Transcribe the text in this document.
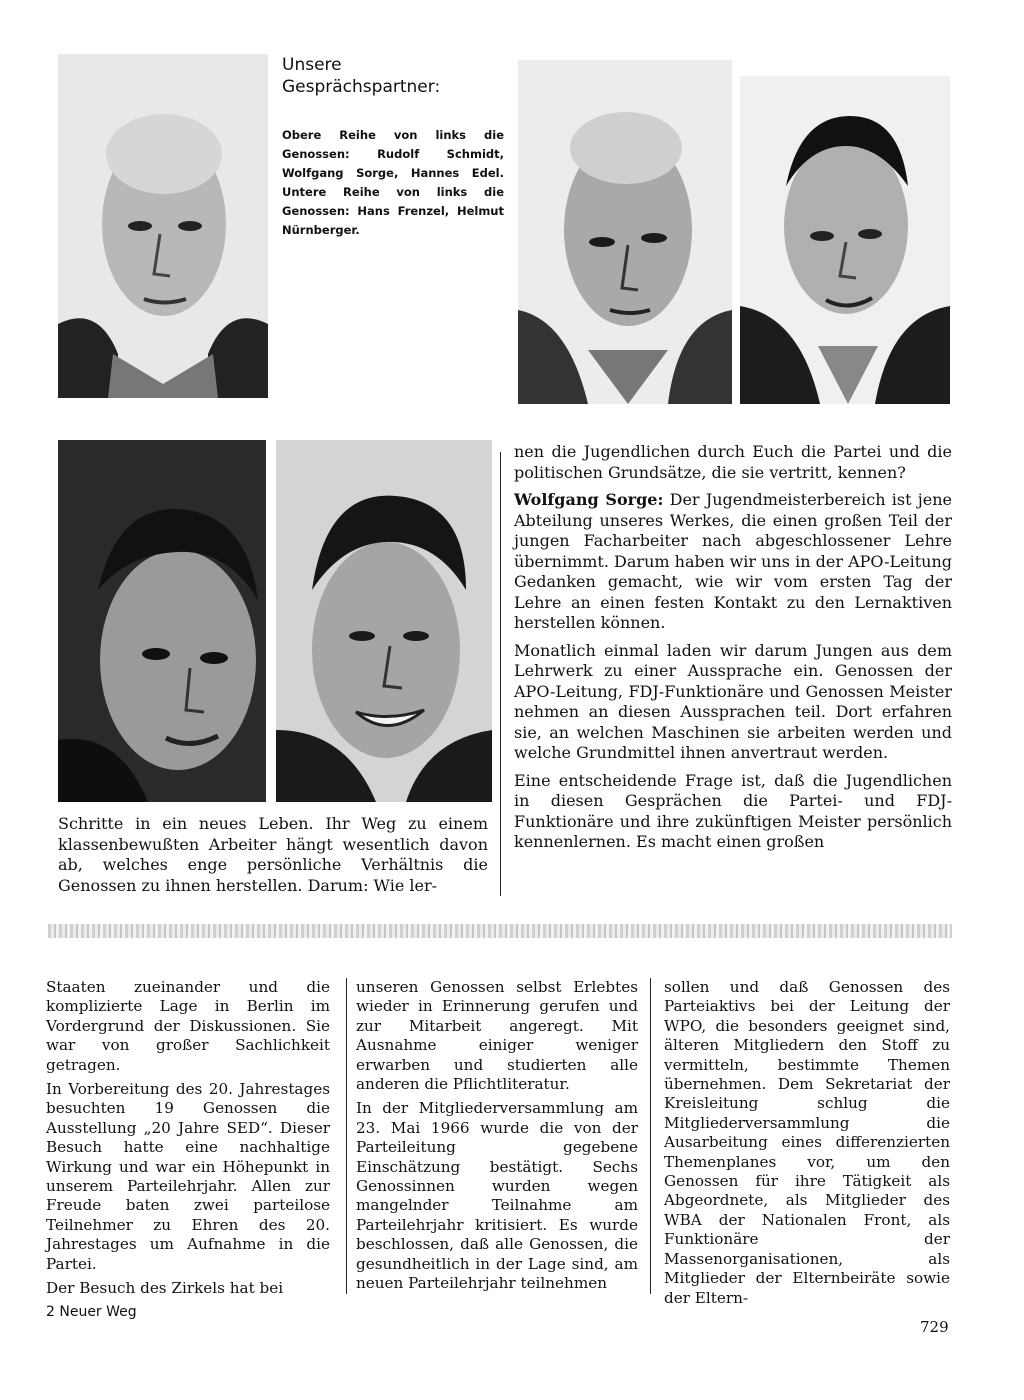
Unsere Gesprächspartner:
Obere Reihe von links die Genossen: Rudolf Schmidt, Wolfgang Sorge, Hannes Edel. Untere Reihe von links die Genossen: Hans Frenzel, Helmut Nürnberger.

Schritte in ein neues Leben. Ihr Weg zu einem klassenbewußten Arbeiter hängt wesentlich davon ab, welches enge persönliche Verhältnis die Genossen zu ihnen herstellen. Darum: Wie ler-

nen die Jugendlichen durch Euch die Partei und die politischen Grundsätze, die sie vertritt, kennen?

Wolfgang Sorge: Der Jugendmeisterbereich ist jene Abteilung unseres Werkes, die einen großen Teil der jungen Facharbeiter nach abgeschlossener Lehre übernimmt. Darum haben wir uns in der APO-Leitung Gedanken gemacht, wie wir vom ersten Tag der Lehre an einen festen Kontakt zu den Lernaktiven herstellen können.

Monatlich einmal laden wir darum Jungen aus dem Lehrwerk zu einer Aussprache ein. Genossen der APO-Leitung, FDJ-Funktionäre und Genossen Meister nehmen an diesen Aussprachen teil. Dort erfahren sie, an welchen Maschinen sie arbeiten werden und welche Grundmittel ihnen anvertraut werden.

Eine entscheidende Frage ist, daß die Jugendlichen in diesen Gesprächen die Partei- und FDJ-Funktionäre und ihre zukünftigen Meister persönlich kennenlernen. Es macht einen großen

Staaten zueinander und die komplizierte Lage in Berlin im Vordergrund der Diskussionen. Sie war von großer Sachlichkeit getragen.

In Vorbereitung des 20. Jahrestages besuchten 19 Genossen die Ausstellung „20 Jahre SED“. Dieser Besuch hatte eine nachhaltige Wirkung und war ein Höhepunkt in unserem Parteilehrjahr. Allen zur Freude baten zwei parteilose Teilnehmer zu Ehren des 20. Jahrestages um Aufnahme in die Partei.

Der Besuch des Zirkels hat bei

unseren Genossen selbst Erlebtes wieder in Erinnerung gerufen und zur Mitarbeit angeregt. Mit Ausnahme einiger weniger erwarben und studierten alle anderen die Pflichtliteratur.

In der Mitgliederversammlung am 23. Mai 1966 wurde die von der Parteileitung gegebene Einschätzung bestätigt. Sechs Genossinnen wurden wegen mangelnder Teilnahme am Parteilehrjahr kritisiert. Es wurde beschlossen, daß alle Genossen, die gesundheitlich in der Lage sind, am neuen Parteilehrjahr teilnehmen

sollen und daß Genossen des Parteiaktivs bei der Leitung der WPO, die besonders geeignet sind, älteren Mitgliedern den Stoff zu vermitteln, bestimmte Themen übernehmen. Dem Sekretariat der Kreisleitung schlug die Mitgliederversammlung die Ausarbeitung eines differenzierten Themenplanes vor, um den Genossen für ihre Tätigkeit als Abgeordnete, als Mitglieder des WBA der Nationalen Front, als Funktionäre der Massenorganisationen, als Mitglieder der Elternbeiräte sowie der Eltern-

2 Neuer Weg
729
